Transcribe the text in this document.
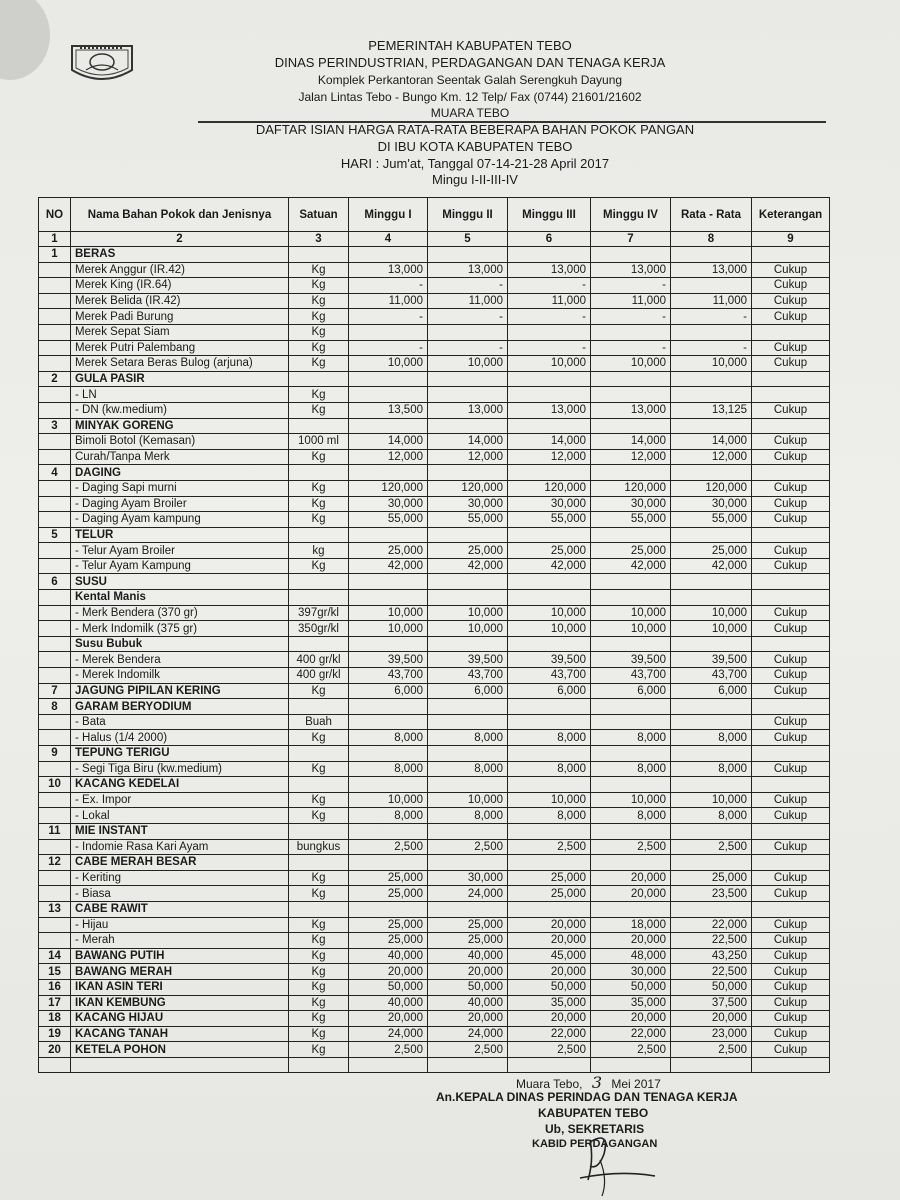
PEMERINTAH KABUPATEN TEBO
DINAS PERINDUSTRIAN, PERDAGANGAN DAN TENAGA KERJA
Komplek Perkantoran Seentak Galah Serengkuh Dayung
Jalan Lintas Tebo - Bungo Km. 12 Telp/ Fax (0744) 21601/21602
MUARA TEBO
DAFTAR ISIAN HARGA RATA-RATA BEBERAPA BAHAN POKOK PANGAN
DI IBU KOTA KABUPATEN TEBO
HARI : Jum'at, Tanggal 07-14-21-28 April 2017
Mingu I-II-III-IV
NO	Nama Bahan Pokok dan Jenisnya	Satuan	Minggu I	Minggu II	Minggu III	Minggu IV	Rata - Rata	Keterangan
1	2	3	4	5	6	7	8	9
1	BERAS							
	Merek Anggur (IR.42)	Kg	13,000	13,000	13,000	13,000	13,000	Cukup
	Merek King (IR.64)	Kg	-	-	-	-		Cukup
	Merek Belida (IR.42)	Kg	11,000	11,000	11,000	11,000	11,000	Cukup
	Merek Padi Burung	Kg	-	-	-	-	-	Cukup
	Merek Sepat Siam	Kg						
	Merek Putri Palembang	Kg	-	-	-	-	-	Cukup
	Merek Setara Beras Bulog (arjuna)	Kg	10,000	10,000	10,000	10,000	10,000	Cukup
2	GULA PASIR							
	- LN	Kg						
	- DN (kw.medium)	Kg	13,500	13,000	13,000	13,000	13,125	Cukup
3	MINYAK GORENG							
	Bimoli Botol (Kemasan)	1000 ml	14,000	14,000	14,000	14,000	14,000	Cukup
	Curah/Tanpa Merk	Kg	12,000	12,000	12,000	12,000	12,000	Cukup
4	DAGING							
	- Daging Sapi murni	Kg	120,000	120,000	120,000	120,000	120,000	Cukup
	- Daging Ayam Broiler	Kg	30,000	30,000	30,000	30,000	30,000	Cukup
	- Daging Ayam kampung	Kg	55,000	55,000	55,000	55,000	55,000	Cukup
5	TELUR							
	- Telur Ayam Broiler	kg	25,000	25,000	25,000	25,000	25,000	Cukup
	- Telur Ayam Kampung	Kg	42,000	42,000	42,000	42,000	42,000	Cukup
6	SUSU							
	Kental Manis							
	- Merk Bendera (370 gr)	397gr/kl	10,000	10,000	10,000	10,000	10,000	Cukup
	- Merk Indomilk (375 gr)	350gr/kl	10,000	10,000	10,000	10,000	10,000	Cukup
	Susu Bubuk							
	- Merek Bendera	400 gr/kl	39,500	39,500	39,500	39,500	39,500	Cukup
	- Merek Indomilk	400 gr/kl	43,700	43,700	43,700	43,700	43,700	Cukup
7	JAGUNG PIPILAN KERING	Kg	6,000	6,000	6,000	6,000	6,000	Cukup
8	GARAM BERYODIUM							
	- Bata	Buah						Cukup
	- Halus (1/4 2000)	Kg	8,000	8,000	8,000	8,000	8,000	Cukup
9	TEPUNG TERIGU							
	- Segi Tiga Biru (kw.medium)	Kg	8,000	8,000	8,000	8,000	8,000	Cukup
10	KACANG KEDELAI							
	- Ex. Impor	Kg	10,000	10,000	10,000	10,000	10,000	Cukup
	- Lokal	Kg	8,000	8,000	8,000	8,000	8,000	Cukup
11	MIE INSTANT							
	- Indomie Rasa Kari Ayam	bungkus	2,500	2,500	2,500	2,500	2,500	Cukup
12	CABE MERAH BESAR							
	- Keriting	Kg	25,000	30,000	25,000	20,000	25,000	Cukup
	- Biasa	Kg	25,000	24,000	25,000	20,000	23,500	Cukup
13	CABE RAWIT							
	- Hijau	Kg	25,000	25,000	20,000	18,000	22,000	Cukup
	- Merah	Kg	25,000	25,000	20,000	20,000	22,500	Cukup
14	BAWANG PUTIH	Kg	40,000	40,000	45,000	48,000	43,250	Cukup
15	BAWANG MERAH	Kg	20,000	20,000	20,000	30,000	22,500	Cukup
16	IKAN ASIN TERI	Kg	50,000	50,000	50,000	50,000	50,000	Cukup
17	IKAN KEMBUNG	Kg	40,000	40,000	35,000	35,000	37,500	Cukup
18	KACANG HIJAU	Kg	20,000	20,000	20,000	20,000	20,000	Cukup
19	KACANG TANAH	Kg	24,000	24,000	22,000	22,000	23,000	Cukup
20	KETELA POHON	Kg	2,500	2,500	2,500	2,500	2,500	Cukup

Muara Tebo, 3 Mei 2017
An.KEPALA DINAS PERINDAG DAN TENAGA KERJA
KABUPATEN TEBO
Ub, SEKRETARIS
KABID PERDAGANGAN
